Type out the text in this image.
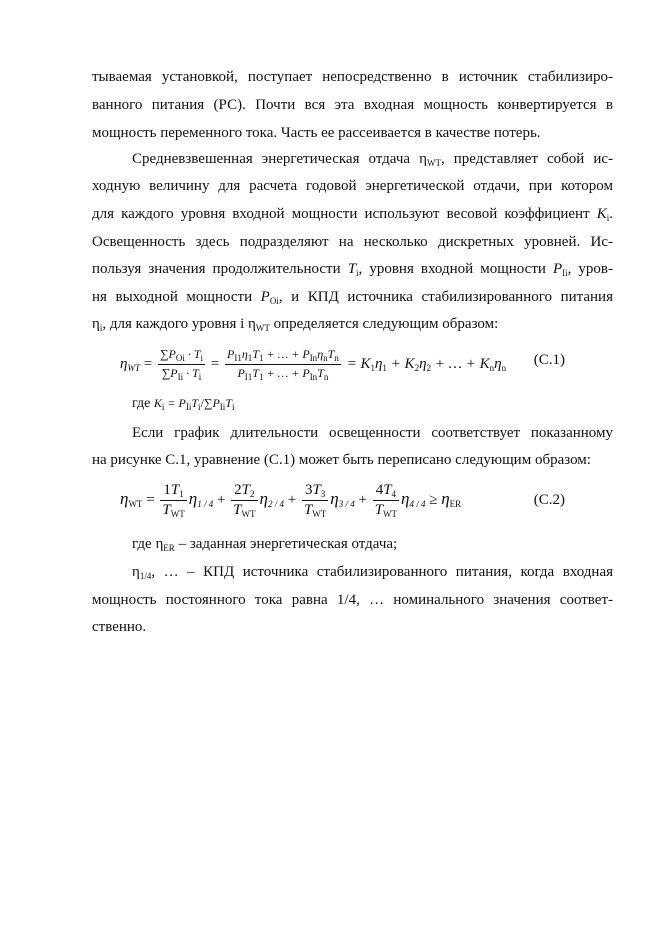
тываемая установкой, поступает непосредственно в источник стабилизиро-
ванного питания (РС). Почти вся эта входная мощность конвертируется в
мощность переменного тока. Часть ее рассеивается в качестве потерь.
Средневзвешенная энергетическая отдача $\eta_{WT}$, представляет собой ис-
ходную величину для расчета годовой энергетической отдачи, при котором
для каждого уровня входной мощности используют весовой коэффициент $K_i$.
Освещенность здесь подразделяют на несколько дискретных уровней. Ис-
пользуя значения продолжительности $T_i$, уровня входной мощности $P_{Ii}$, уров-
ня выходной мощности $P_{Oi}$, и КПД источника стабилизированного питания
$\eta_i$, для каждого уровня i $\eta_{WT}$ определяется следующим образом:
$\eta_{WT} = \frac{\sum P_{Oi} \cdot T_i}{\sum P_{Ii} \cdot T_i} = \frac{P_{I1}\eta_1T_1 + \dots + P_{In}\eta_nT_n}{P_{I1}T_1 + \dots + P_{In}T_n} = K_1\eta_1 + K_2\eta_2$ + … + $K_n\eta_n$ (С.1)
где $K_i = P_{Ii}T_i/\sum P_{Ii}T_i$
Если график длительности освещенности соответствует показанному
на рисунке С.1, уравнение (С.1) может быть переписано следующим образом:
$\eta_{WT} = \frac{1T_1}{T_{WT}} \eta_{1 / 4} + \frac{2T_2}{T_{WT}} \eta_{2 / 4} + \frac{3T_3}{T_{WT}} \eta_{3 / 4} + \frac{4T_4}{T_{WT}} \eta_{4 / 4} \ge \eta_{ER}$	(С.2)
где $\eta_{ER}$ – заданная энергетическая отдача;
$\eta_{1/4}$, … – КПД источника стабилизированного питания, когда входная
мощность постоянного тока равна 1/4, … номинального значения соответ-
ственно.
